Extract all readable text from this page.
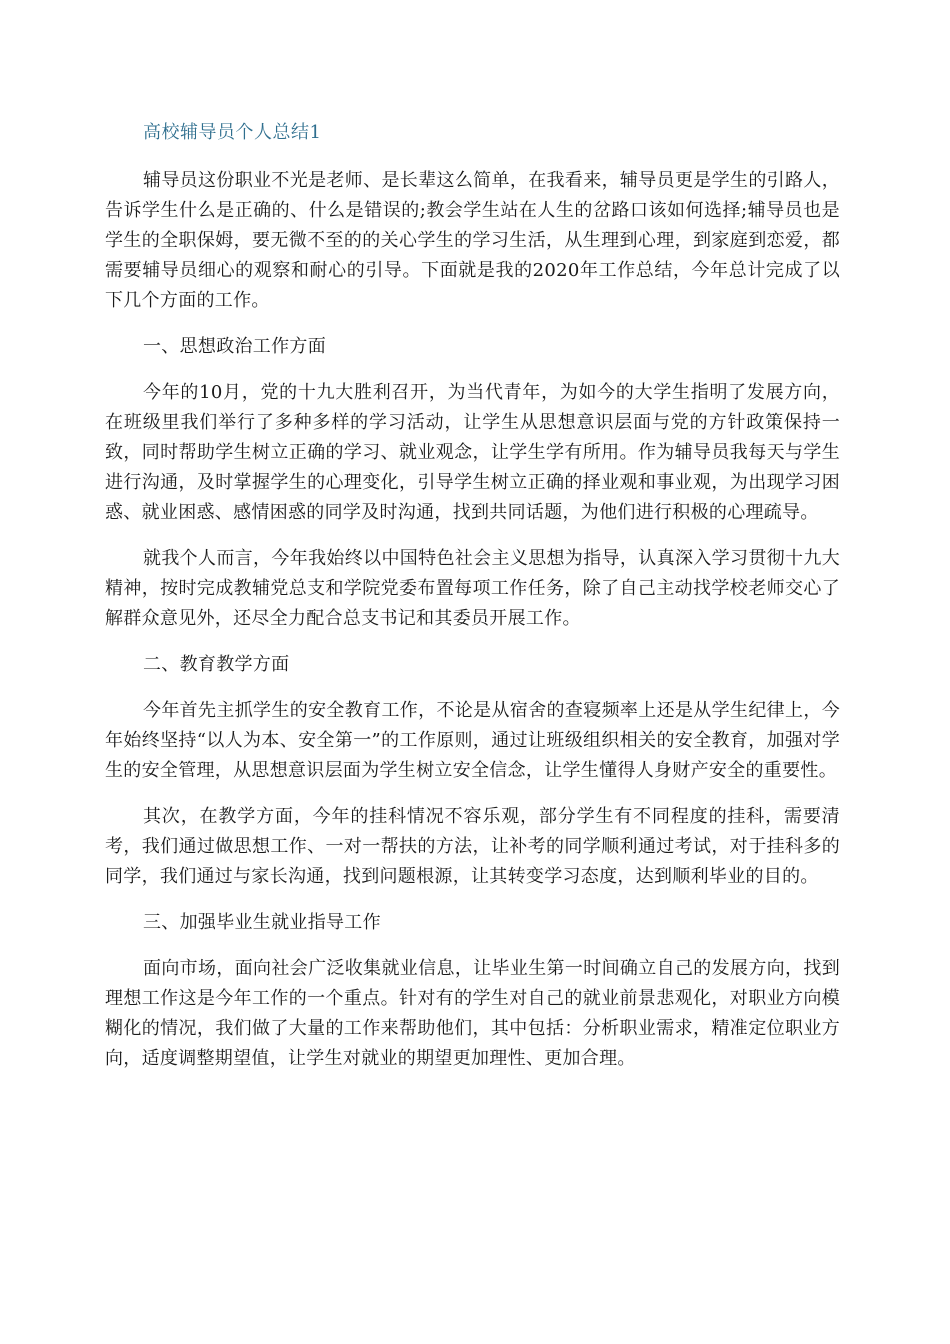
高校辅导员个人总结1

辅导员这份职业不光是老师、是长辈这么简单，在我看来，辅导员更是学生的引路人，告诉学生什么是正确的、什么是错误的;教会学生站在人生的岔路口该如何选择;辅导员也是学生的全职保姆，要无微不至的的关心学生的学习生活，从生理到心理，到家庭到恋爱，都需要辅导员细心的观察和耐心的引导。下面就是我的2020年工作总结，今年总计完成了以下几个方面的工作。

一、思想政治工作方面

今年的10月，党的十九大胜利召开，为当代青年，为如今的大学生指明了发展方向，在班级里我们举行了多种多样的学习活动，让学生从思想意识层面与党的方针政策保持一致，同时帮助学生树立正确的学习、就业观念，让学生学有所用。作为辅导员我每天与学生进行沟通，及时掌握学生的心理变化，引导学生树立正确的择业观和事业观，为出现学习困惑、就业困惑、感情困惑的同学及时沟通，找到共同话题，为他们进行积极的心理疏导。

就我个人而言，今年我始终以中国特色社会主义思想为指导，认真深入学习贯彻十九大精神，按时完成教辅党总支和学院党委布置每项工作任务，除了自己主动找学校老师交心了解群众意见外，还尽全力配合总支书记和其委员开展工作。

二、教育教学方面

今年首先主抓学生的安全教育工作，不论是从宿舍的查寝频率上还是从学生纪律上，今年始终坚持“以人为本、安全第一”的工作原则，通过让班级组织相关的安全教育，加强对学生的安全管理，从思想意识层面为学生树立安全信念，让学生懂得人身财产安全的重要性。

其次，在教学方面，今年的挂科情况不容乐观，部分学生有不同程度的挂科，需要清考，我们通过做思想工作、一对一帮扶的方法，让补考的同学顺利通过考试，对于挂科多的同学，我们通过与家长沟通，找到问题根源，让其转变学习态度，达到顺利毕业的目的。

三、加强毕业生就业指导工作

面向市场，面向社会广泛收集就业信息，让毕业生第一时间确立自己的发展方向，找到理想工作这是今年工作的一个重点。针对有的学生对自己的就业前景悲观化，对职业方向模糊化的情况，我们做了大量的工作来帮助他们，其中包括：分析职业需求，精准定位职业方向，适度调整期望值，让学生对就业的期望更加理性、更加合理。
